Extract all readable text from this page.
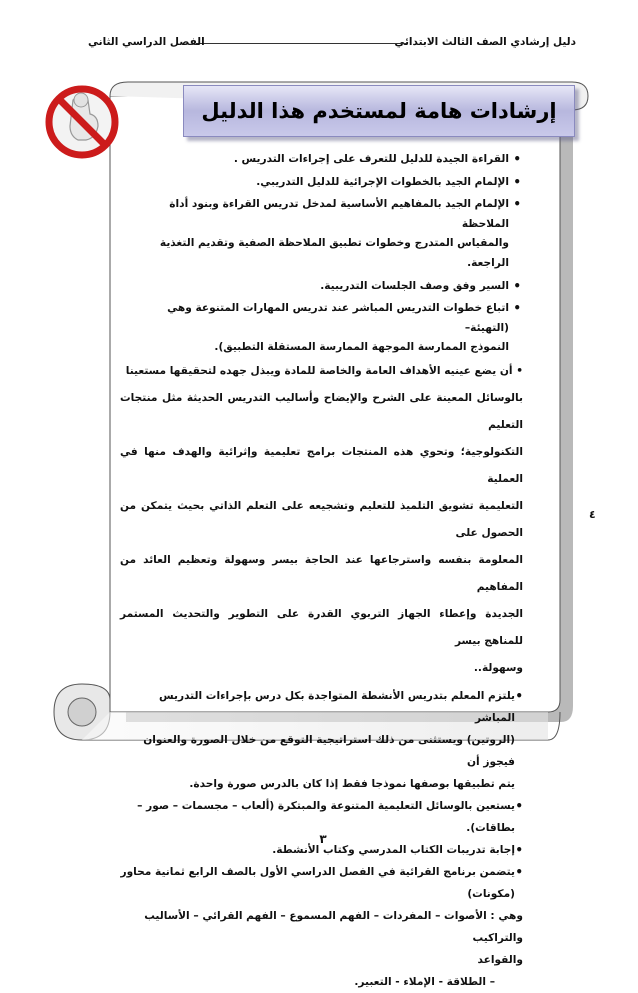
دليل إرشادي الصف الثالث الابتدائي
الفصل الدراسي الثاني
إرشادات هامة لمستخدم هذا الدليل

• القراءة الجيدة للدليل للتعرف على إجراءات التدريس .

• الإلمام الجيد بالخطوات الإجرائية للدليل التدريبي.

• الإلمام الجيد بالمفاهيم الأساسية لمدخل تدريس القراءة وبنود أداة الملاحظة
والمقياس المتدرج وخطوات تطبيق الملاحظة الصفية وتقديم التغذية الراجعة.

• السير وفق وصف الجلسات التدريبية.

• اتباع خطوات التدريس المباشر عند تدريس المهارات المتنوعة وهي (التهيئة–
النموذج الممارسة الموجهة الممارسة المستقلة التطبيق).

• أن يضع عينيه الأهداف العامة والخاصة للمادة ويبذل جهده لتحقيقها مستعينا

بالوسائل المعينة على الشرح والإيضاح وأساليب التدريس الحديثة مثل منتجات التعليم

التكنولوجية؛ وتحوي هذه المنتجات برامج تعليمية وإثرائية والهدف منها في العملية

التعليمية تشويق التلميذ للتعليم وتشجيعه على التعلم الذاتي بحيث يتمكن من الحصول على

المعلومة بنفسه واسترجاعها عند الحاجة بيسر وسهولة وتعظيم العائد من المفاهيم

الجديدة وإعطاء الجهاز التربوي القدرة على التطوير والتحديث المستمر للمناهج بيسر

وسهولة..

• يلتزم المعلم بتدريس الأنشطة المتواجدة بكل درس بإجراءات التدريس المباشر
(الروتين) ويستثنى من ذلك استراتيجية التوقع من خلال الصورة والعنوان فيجوز أن
يتم تطبيقها بوصفها نموذجا فقط إذا كان بالدرس صورة واحدة.

• يستعين بالوسائل التعليمية المتنوعة والمبتكرة (ألعاب – مجسمات – صور – بطاقات).

• إجابة تدريبات الكتاب المدرسي وكتاب الأنشطة.

• يتضمن برنامج القرائية في الفصل الدراسي الأول بالصف الرابع ثمانية محاور (مكونات)

وهي : الأصوات – المفردات – الفهم المسموع – الفهم القرائي – الأساليب والتراكيب

والقواعد

– الطلاقة - الإملاء - التعبير.

٤
٣
